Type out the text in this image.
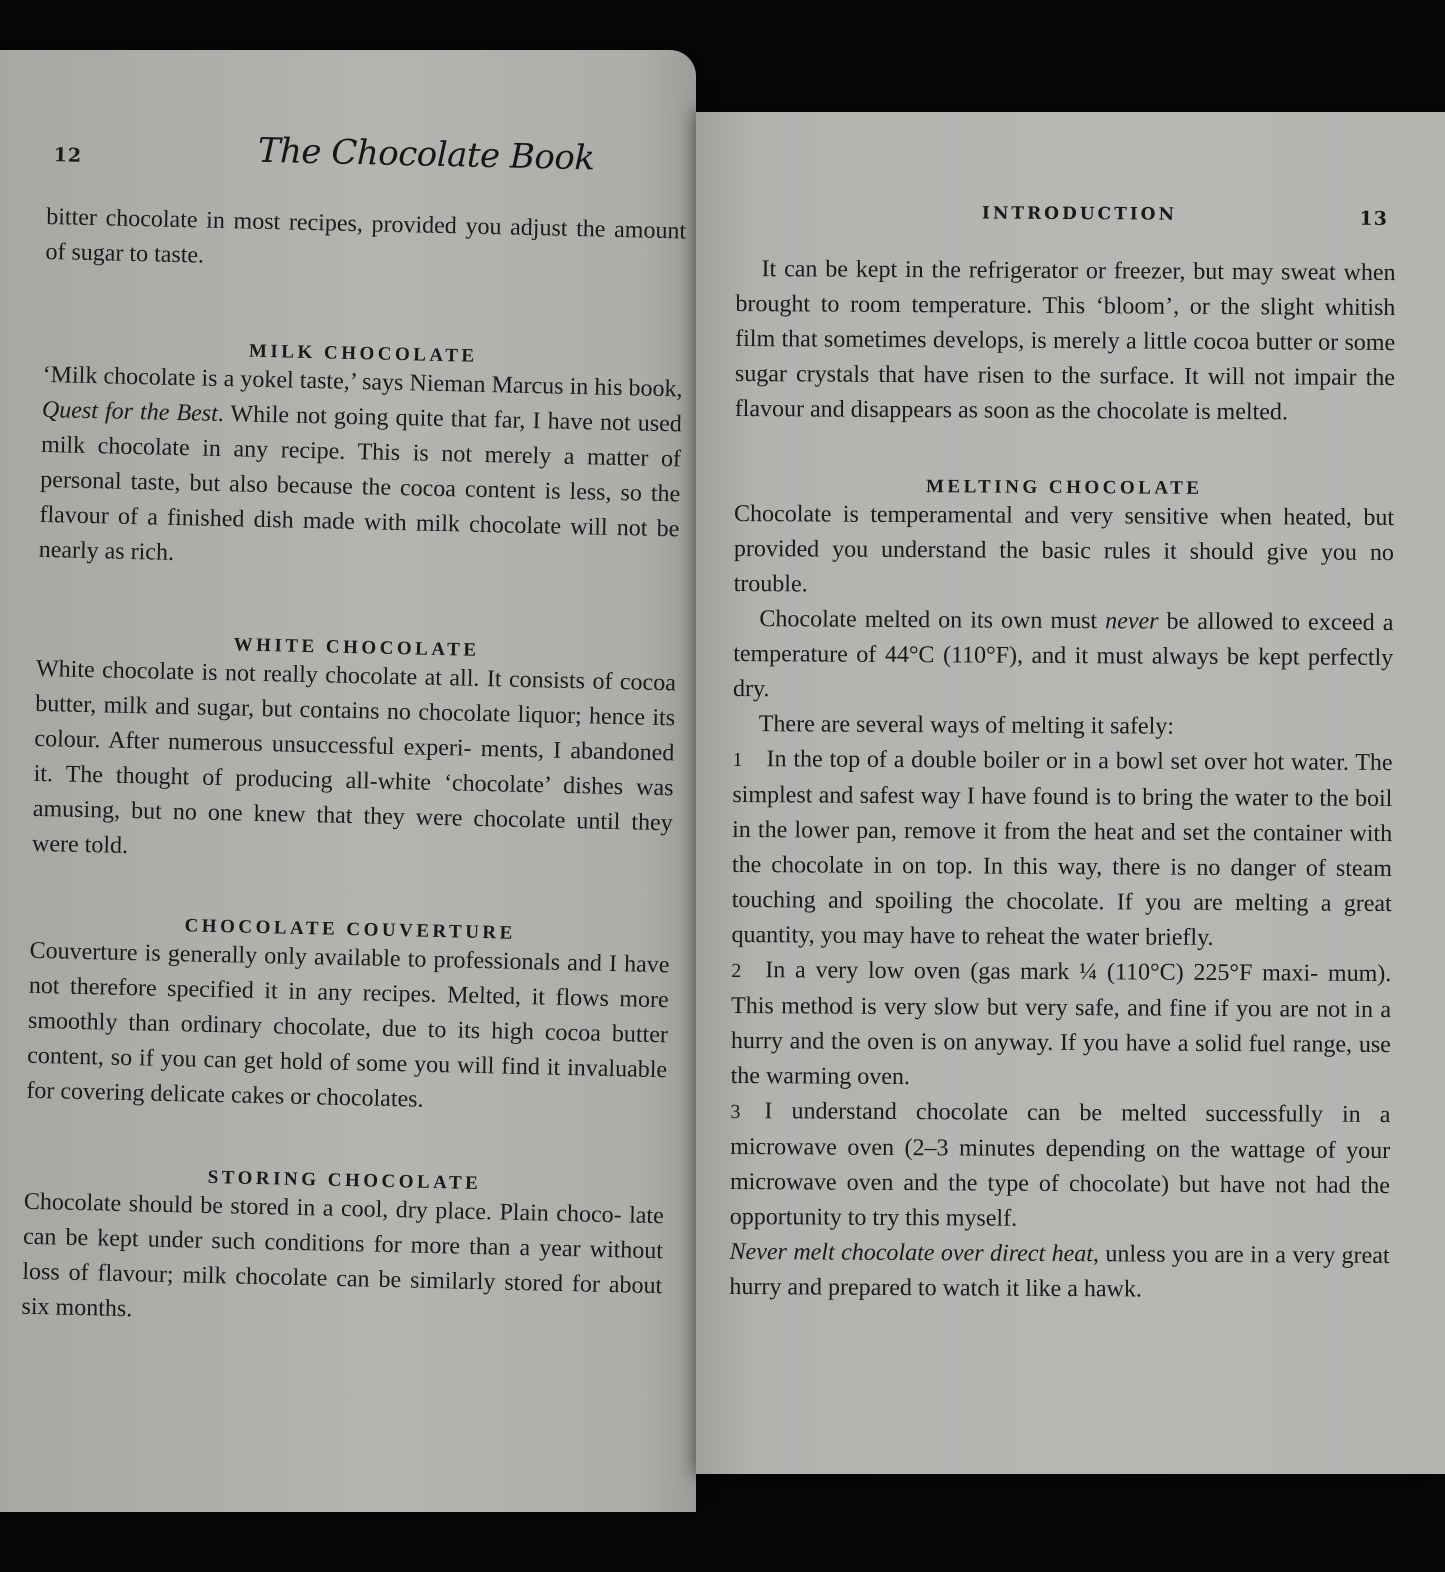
12	The Chocolate Book

bitter chocolate in most recipes, provided you adjust the amount of sugar to taste.

MILK CHOCOLATE

‘Milk chocolate is a yokel taste,’ says Nieman Marcus in his book, Quest for the Best. While not going quite that far, I have not used milk chocolate in any recipe. This is not merely a matter of personal taste, but also because the cocoa content is less, so the flavour of a finished dish made with milk chocolate will not be nearly as rich.

WHITE CHOCOLATE

White chocolate is not really chocolate at all. It consists of cocoa butter, milk and sugar, but contains no chocolate liquor; hence its colour. After numerous unsuccessful experi- ments, I abandoned it. The thought of producing all-white ‘chocolate’ dishes was amusing, but no one knew that they were chocolate until they were told.

CHOCOLATE COUVERTURE

Couverture is generally only available to professionals and I have not therefore specified it in any recipes. Melted, it flows more smoothly than ordinary chocolate, due to its high cocoa butter content, so if you can get hold of some you will find it invaluable for covering delicate cakes or chocolates.

STORING CHOCOLATE

Chocolate should be stored in a cool, dry place. Plain choco- late can be kept under such conditions for more than a year without loss of flavour; milk chocolate can be similarly stored for about six months.

INTRODUCTION	13

It can be kept in the refrigerator or freezer, but may sweat when brought to room temperature. This ‘bloom’, or the slight whitish film that sometimes develops, is merely a little cocoa butter or some sugar crystals that have risen to the surface. It will not impair the flavour and disappears as soon as the chocolate is melted.

MELTING CHOCOLATE

Chocolate is temperamental and very sensitive when heated, but provided you understand the basic rules it should give you no trouble.

Chocolate melted on its own must never be allowed to exceed a temperature of 44°C (110°F), and it must always be kept perfectly dry.

There are several ways of melting it safely:

1 In the top of a double boiler or in a bowl set over hot water. The simplest and safest way I have found is to bring the water to the boil in the lower pan, remove it from the heat and set the container with the chocolate in on top. In this way, there is no danger of steam touching and spoiling the chocolate. If you are melting a great quantity, you may have to reheat the water briefly.

2 In a very low oven (gas mark ¼ (110°C) 225°F maxi- mum). This method is very slow but very safe, and fine if you are not in a hurry and the oven is on anyway. If you have a solid fuel range, use the warming oven.

3 I understand chocolate can be melted successfully in a microwave oven (2–3 minutes depending on the wattage of your microwave oven and the type of chocolate) but have not had the opportunity to try this myself.

Never melt chocolate over direct heat, unless you are in a very great hurry and prepared to watch it like a hawk.
